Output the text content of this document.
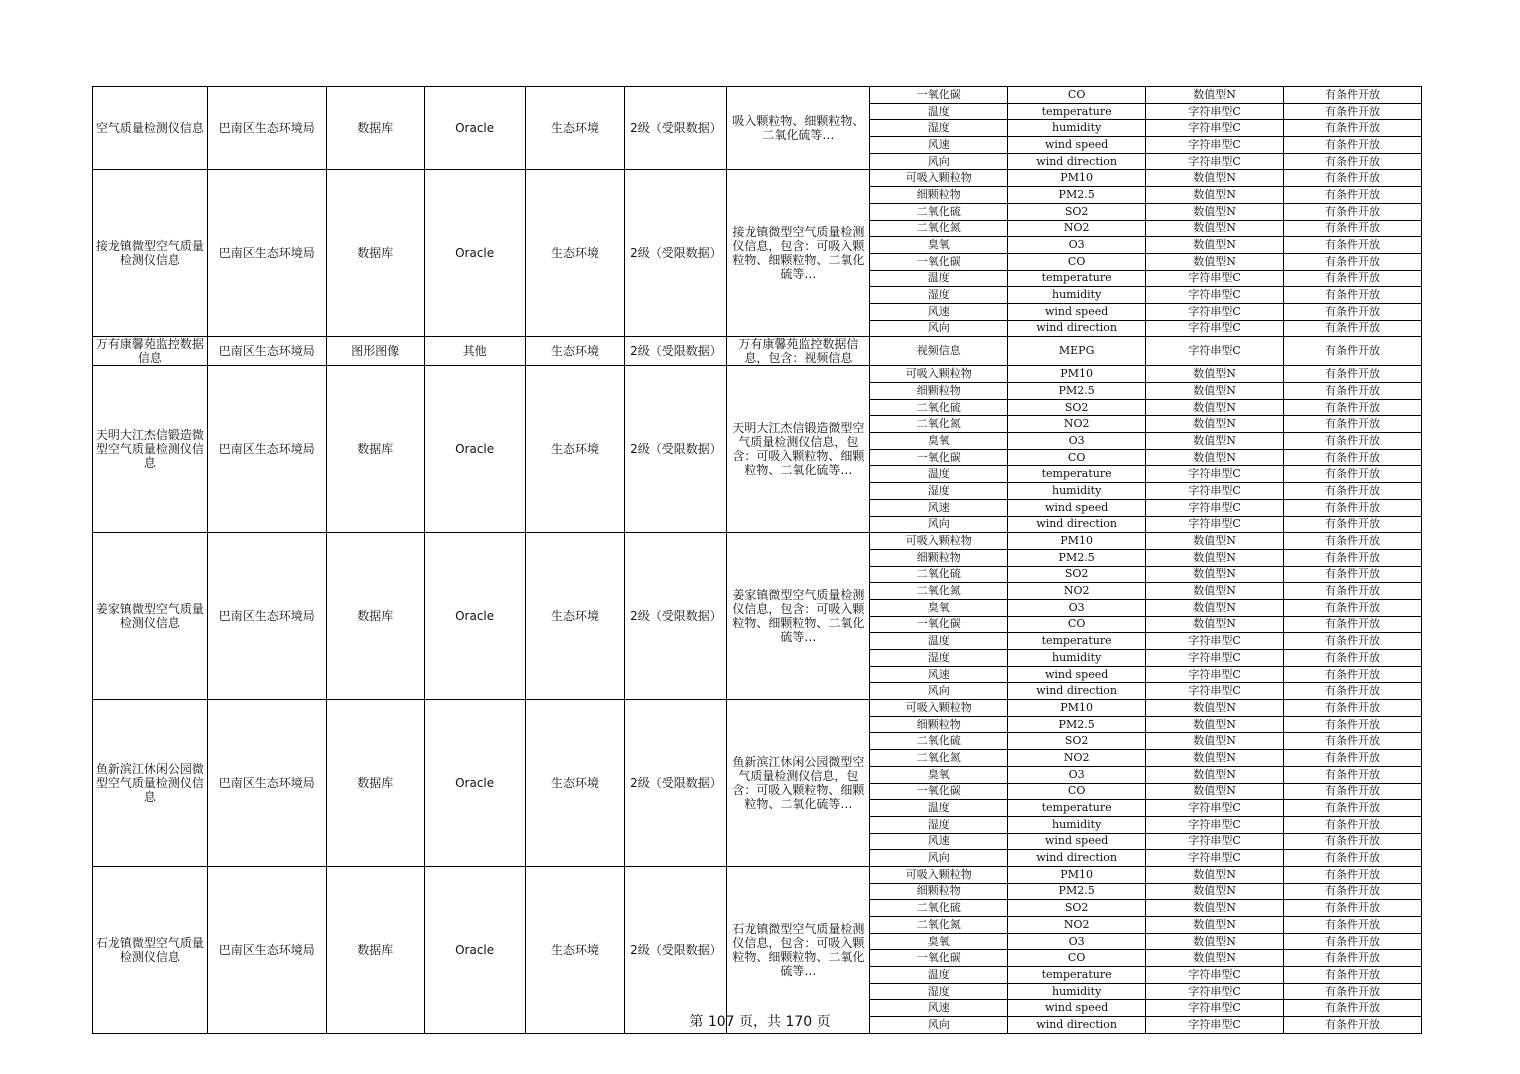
空气质量检测仪信息	巴南区生态环境局	数据库	Oracle	生态环境	2级（受限数据）	吸入颗粒物、细颗粒物、二氧化硫等…	一氧化碳	CO	数值型N	有条件开放
							温度	temperature	字符串型C	有条件开放
							湿度	humidity	字符串型C	有条件开放
							风速	wind speed	字符串型C	有条件开放
							风向	wind direction	字符串型C	有条件开放
接龙镇微型空气质量检测仪信息	巴南区生态环境局	数据库	Oracle	生态环境	2级（受限数据）	接龙镇微型空气质量检测仪信息，包含：可吸入颗粒物、细颗粒物、二氧化硫等…	可吸入颗粒物	PM10	数值型N	有条件开放
							细颗粒物	PM2.5	数值型N	有条件开放
							二氧化硫	SO2	数值型N	有条件开放
							二氧化氮	NO2	数值型N	有条件开放
							臭氧	O3	数值型N	有条件开放
							一氧化碳	CO	数值型N	有条件开放
							温度	temperature	字符串型C	有条件开放
							湿度	humidity	字符串型C	有条件开放
							风速	wind speed	字符串型C	有条件开放
							风向	wind direction	字符串型C	有条件开放
万有康馨苑监控数据信息	巴南区生态环境局	图形图像	其他	生态环境	2级（受限数据）	万有康馨苑监控数据信息，包含：视频信息	视频信息	MEPG	字符串型C	有条件开放
天明大江杰信锻造微型空气质量检测仪信息	巴南区生态环境局	数据库	Oracle	生态环境	2级（受限数据）	天明大江杰信锻造微型空气质量检测仪信息，包含：可吸入颗粒物、细颗粒物、二氧化硫等…	可吸入颗粒物	PM10	数值型N	有条件开放
							细颗粒物	PM2.5	数值型N	有条件开放
							二氧化硫	SO2	数值型N	有条件开放
							二氧化氮	NO2	数值型N	有条件开放
							臭氧	O3	数值型N	有条件开放
							一氧化碳	CO	数值型N	有条件开放
							温度	temperature	字符串型C	有条件开放
							湿度	humidity	字符串型C	有条件开放
							风速	wind speed	字符串型C	有条件开放
							风向	wind direction	字符串型C	有条件开放
姜家镇微型空气质量检测仪信息	巴南区生态环境局	数据库	Oracle	生态环境	2级（受限数据）	姜家镇微型空气质量检测仪信息，包含：可吸入颗粒物、细颗粒物、二氧化硫等…	可吸入颗粒物	PM10	数值型N	有条件开放
							细颗粒物	PM2.5	数值型N	有条件开放
							二氧化硫	SO2	数值型N	有条件开放
							二氧化氮	NO2	数值型N	有条件开放
							臭氧	O3	数值型N	有条件开放
							一氧化碳	CO	数值型N	有条件开放
							温度	temperature	字符串型C	有条件开放
							湿度	humidity	字符串型C	有条件开放
							风速	wind speed	字符串型C	有条件开放
							风向	wind direction	字符串型C	有条件开放
鱼新滨江休闲公园微型空气质量检测仪信息	巴南区生态环境局	数据库	Oracle	生态环境	2级（受限数据）	鱼新滨江休闲公园微型空气质量检测仪信息，包含：可吸入颗粒物、细颗粒物、二氧化硫等…	可吸入颗粒物	PM10	数值型N	有条件开放
							细颗粒物	PM2.5	数值型N	有条件开放
							二氧化硫	SO2	数值型N	有条件开放
							二氧化氮	NO2	数值型N	有条件开放
							臭氧	O3	数值型N	有条件开放
							一氧化碳	CO	数值型N	有条件开放
							温度	temperature	字符串型C	有条件开放
							湿度	humidity	字符串型C	有条件开放
							风速	wind speed	字符串型C	有条件开放
							风向	wind direction	字符串型C	有条件开放
石龙镇微型空气质量检测仪信息	巴南区生态环境局	数据库	Oracle	生态环境	2级（受限数据）	石龙镇微型空气质量检测仪信息，包含：可吸入颗粒物、细颗粒物、二氧化硫等…	可吸入颗粒物	PM10	数值型N	有条件开放
							细颗粒物	PM2.5	数值型N	有条件开放
							二氧化硫	SO2	数值型N	有条件开放
							二氧化氮	NO2	数值型N	有条件开放
							臭氧	O3	数值型N	有条件开放
							一氧化碳	CO	数值型N	有条件开放
							温度	temperature	字符串型C	有条件开放
							湿度	humidity	字符串型C	有条件开放
							风速	wind speed	字符串型C	有条件开放
							风向	wind direction	字符串型C	有条件开放
第 107 页，共 170 页
